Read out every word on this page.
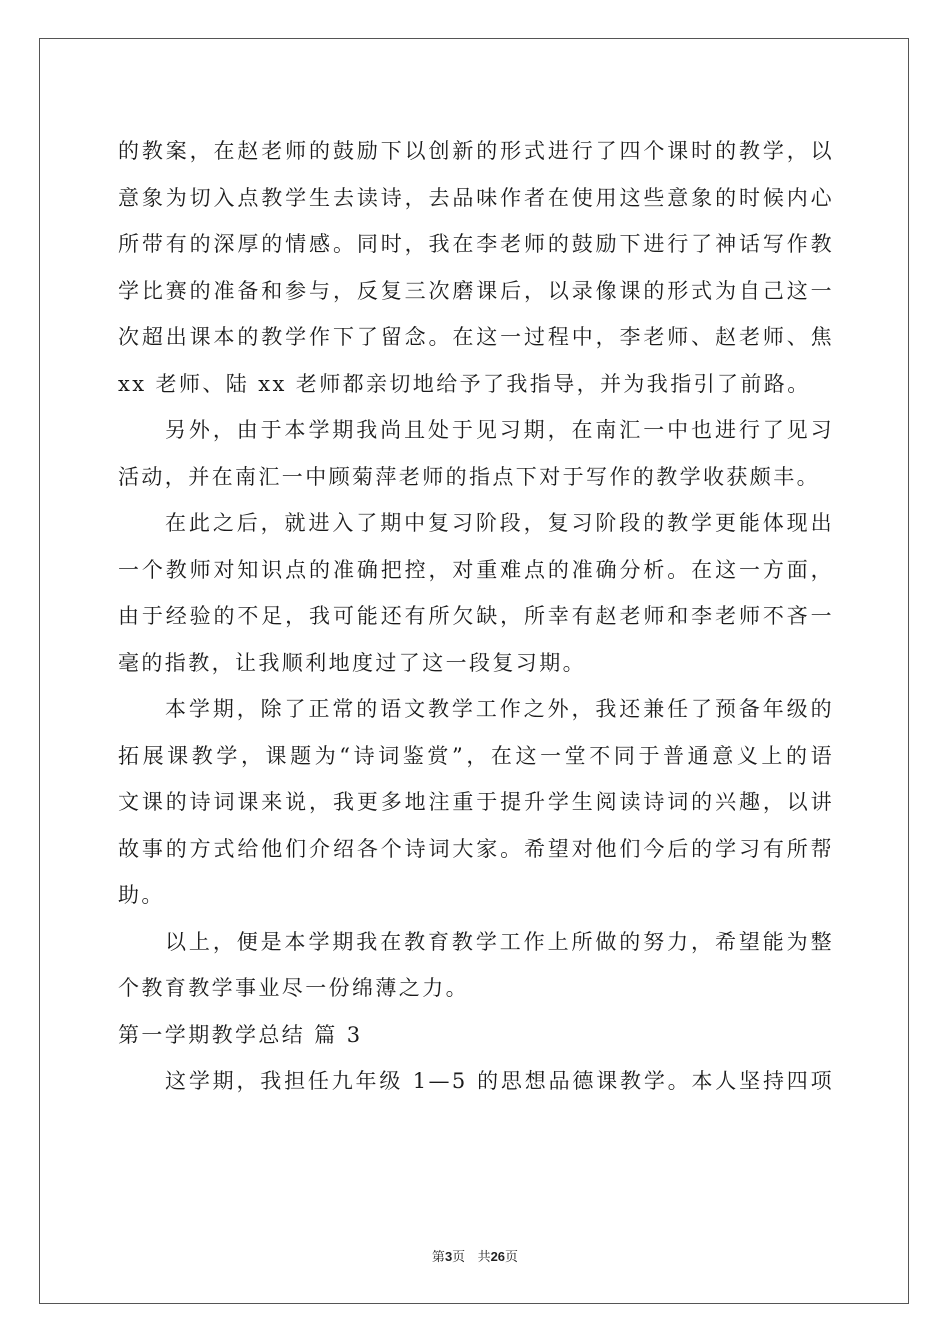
的教案，在赵老师的鼓励下以创新的形式进行了四个课时的教学，以
意象为切入点教学生去读诗，去品味作者在使用这些意象的时候内心
所带有的深厚的情感。同时，我在李老师的鼓励下进行了神话写作教
学比赛的准备和参与，反复三次磨课后，以录像课的形式为自己这一
次超出课本的教学作下了留念。在这一过程中，李老师、赵老师、焦
xx 老师、陆 xx 老师都亲切地给予了我指导，并为我指引了前路。
另外，由于本学期我尚且处于见习期，在南汇一中也进行了见习
活动，并在南汇一中顾菊萍老师的指点下对于写作的教学收获颇丰。
在此之后，就进入了期中复习阶段，复习阶段的教学更能体现出
一个教师对知识点的准确把控，对重难点的准确分析。在这一方面，
由于经验的不足，我可能还有所欠缺，所幸有赵老师和李老师不吝一
毫的指教，让我顺利地度过了这一段复习期。
本学期，除了正常的语文教学工作之外，我还兼任了预备年级的
拓展课教学，课题为“诗词鉴赏”，在这一堂不同于普通意义上的语
文课的诗词课来说，我更多地注重于提升学生阅读诗词的兴趣，以讲
故事的方式给他们介绍各个诗词大家。希望对他们今后的学习有所帮
助。
以上，便是本学期我在教育教学工作上所做的努力，希望能为整
个教育教学事业尽一份绵薄之力。
第一学期教学总结 篇 3
这学期，我担任九年级 1—5 的思想品德课教学。本人坚持四项
第3页   共26页
